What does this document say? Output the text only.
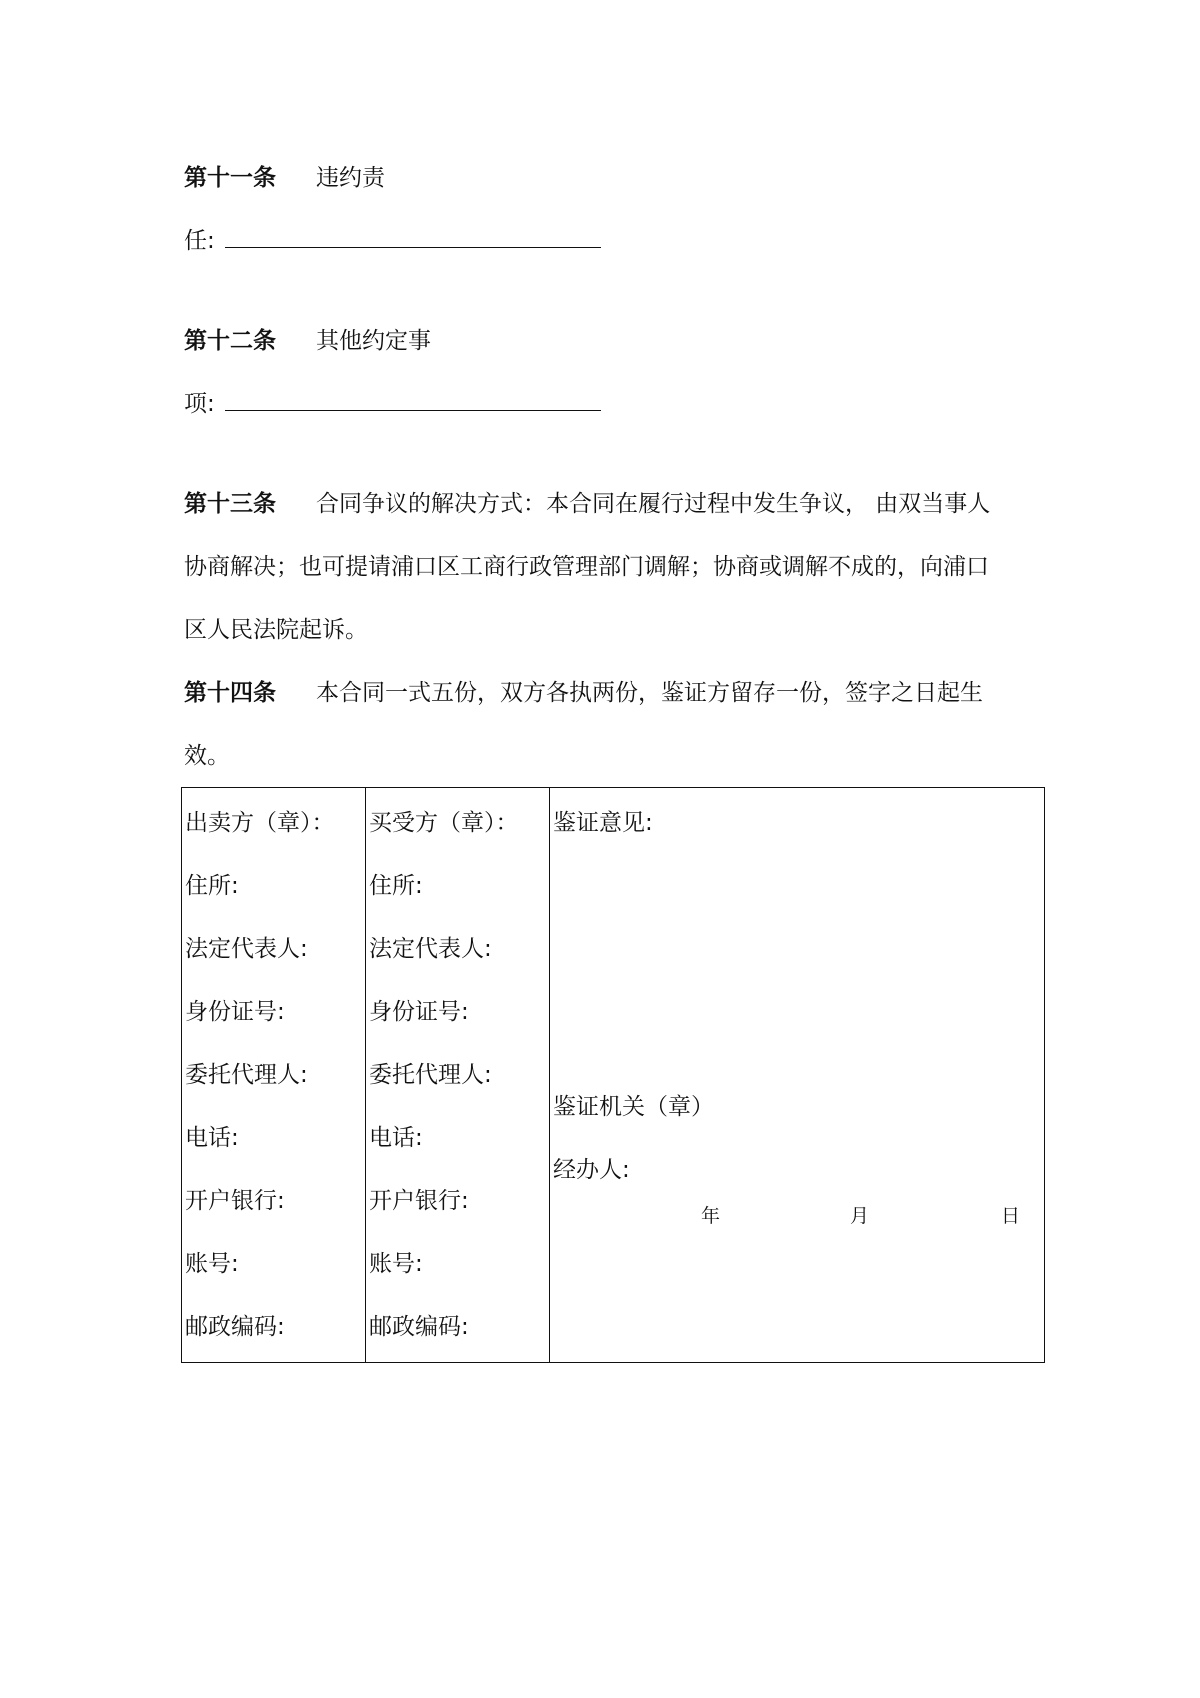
第十一条 违约责
任:
第十二条 其他约定事
项:
第十三条 合同争议的解决方式：本合同在履行过程中发生争议， 由双当事人
协商解决；也可提请浦口区工商行政管理部门调解；协商或调解不成的，向浦口
区人民法院起诉。
第十四条 本合同一式五份，双方各执两份，鉴证方留存一份，签字之日起生
效。
出卖方（章）：
住所:
法定代表人:
身份证号:
委托代理人:
电话:
开户银行:
账号:
邮政编码:

买受方（章）：
住所:
法定代表人:
身份证号:
委托代理人:
电话:
开户银行:
账号:
邮政编码:

鉴证意见:
鉴证机关（章）
经办人:
年	月	日
